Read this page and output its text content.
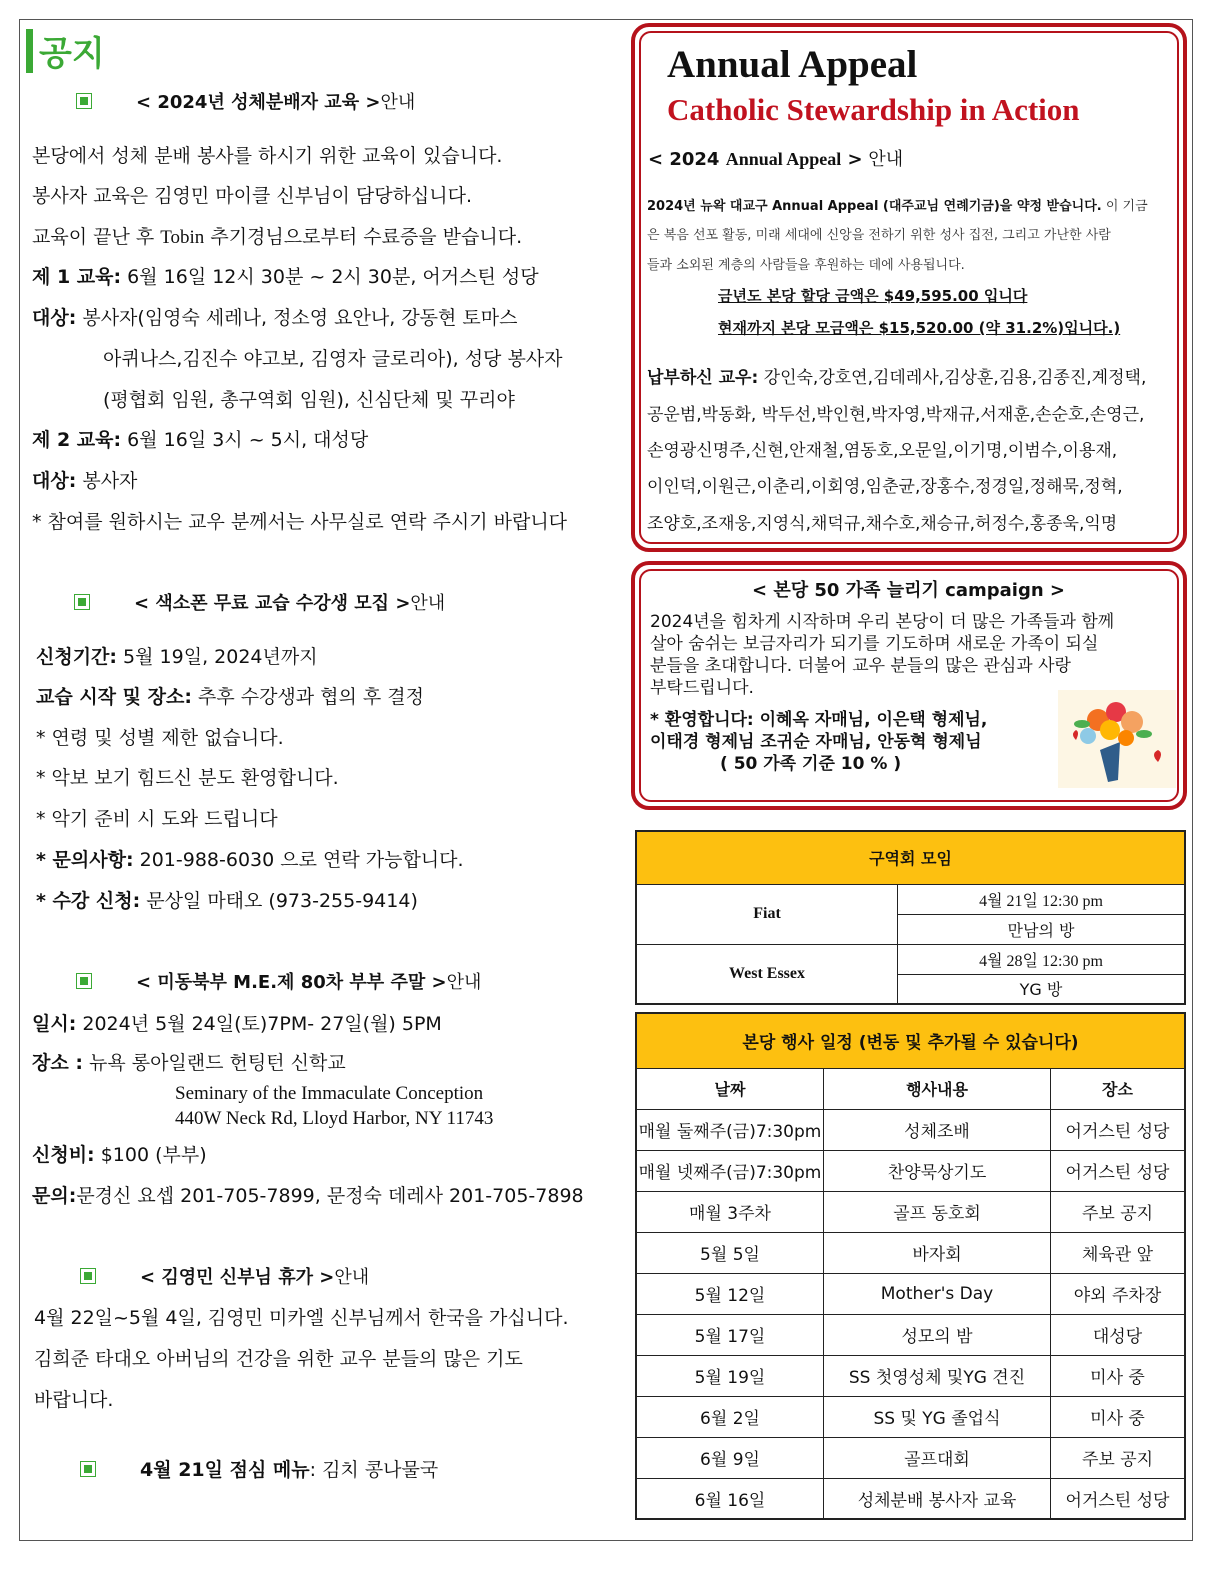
공지
< 2024년 성체분배자 교육 > 안내
본당에서 성체 분배 봉사를 하시기 위한 교육이 있습니다.
봉사자 교육은 김영민 마이클 신부님이 담당하십니다.
교육이 끝난 후 Tobin 추기경님으로부터 수료증을 받습니다.
제 1 교육: 6월 16일 12시 30분 ~ 2시 30분, 어거스틴 성당
대상: 봉사자(임영숙 세레나, 정소영 요안나, 강동현 토마스
아퀴나스,김진수 야고보, 김영자 글로리아), 성당 봉사자
(평협회 임원, 총구역회 임원), 신심단체 및 꾸리야
제 2 교육: 6월 16일 3시 ~ 5시, 대성당
대상: 봉사자
* 참여를 원하시는 교우 분께서는 사무실로 연락 주시기 바랍니다
< 색소폰 무료 교습 수강생 모집 > 안내
신청기간: 5월 19일, 2024년까지
교습 시작 및 장소: 추후 수강생과 협의 후 결정
* 연령 및 성별 제한 없습니다.
* 악보 보기 힘드신 분도 환영합니다.
* 악기 준비 시 도와 드립니다
* 문의사항: 201-988-6030 으로 연락 가능합니다.
* 수강 신청: 문상일 마태오 (973-255-9414)
< 미동북부 M.E.제 80차 부부 주말 > 안내
일시: 2024년 5월 24일(토)7PM- 27일(월) 5PM
장소 : 뉴욕 롱아일랜드 헌팅턴 신학교
Seminary of the Immaculate Conception
440W Neck Rd, Lloyd Harbor, NY 11743
신청비: $100 (부부)
문의:문경신 요셉 201-705-7899, 문정숙 데레사 201-705-7898
< 김영민 신부님 휴가 > 안내
4월 22일~5월 4일, 김영민 미카엘 신부님께서 한국을 가십니다.
김희준 타대오 아버님의 건강을 위한 교우 분들의 많은 기도
바랍니다.
4월 21일 점심 메뉴 : 김치 콩나물국
Annual Appeal
Catholic Stewardship in Action
< 2024 Annual Appeal > 안내
2024년 뉴왁 대교구 Annual Appeal (대주교님 연례기금)을 약정 받습니다. 이 기금
은 복음 선포 활동, 미래 세대에 신앙을 전하기 위한 성사 집전, 그리고 가난한 사람
들과 소외된 계층의 사람들을 후원하는 데에 사용됩니다.
금년도 본당 할당 금액은 $49,595.00 입니다
현재까지 본당 모금액은 $15,520.00 (약 31.2%)입니다.)
납부하신 교우: 강인숙,강호연,김데레사,김상훈,김용,김종진,계정택,
공운범,박동화, 박두선,박인현,박자영,박재규,서재훈,손순호,손영근,
손영광신명주,신현,안재철,염동호,오문일,이기명,이범수,이용재,
이인덕,이원근,이춘리,이회영,임춘균,장홍수,정경일,정해묵,정혁,
조양호,조재웅,지영식,채덕규,채수호,채승규,허정수,홍종욱,익명
< 본당 50 가족 늘리기 campaign >
2024년을 힘차게 시작하며 우리 본당이 더 많은 가족들과 함께
살아 숨쉬는 보금자리가 되기를 기도하며 새로운 가족이 되실
분들을 초대합니다. 더불어 교우 분들의 많은 관심과 사랑
부탁드립니다.
* 환영합니다: 이혜옥 자매님, 이은택 형제님,
이태경 형제님 조귀순 자매님, 안동혁 형제님
( 50 가족 기준 10 % )
구역회 모임	
Fiat	4월 21일 12:30 pm
	만남의 방
West Essex	4월 28일 12:30 pm
	YG 방
본당 행사 일정 (변동 및 추가될 수 있습니다)		
날짜	행사내용	장소
매월 둘째주(금)7:30pm	성체조배	어거스틴 성당
매월 넷째주(금)7:30pm	찬양묵상기도	어거스틴 성당
매월 3주차	골프 동호회	주보 공지
5월 5일	바자회	체육관 앞
5월 12일	Mother's Day	야외 주차장
5월 17일	성모의 밤	대성당
5월 19일	SS 첫영성체 및YG 견진	미사 중
6월 2일	SS 및 YG 졸업식	미사 중
6월 9일	골프대회	주보 공지
6월 16일	성체분배 봉사자 교육	어거스틴 성당
